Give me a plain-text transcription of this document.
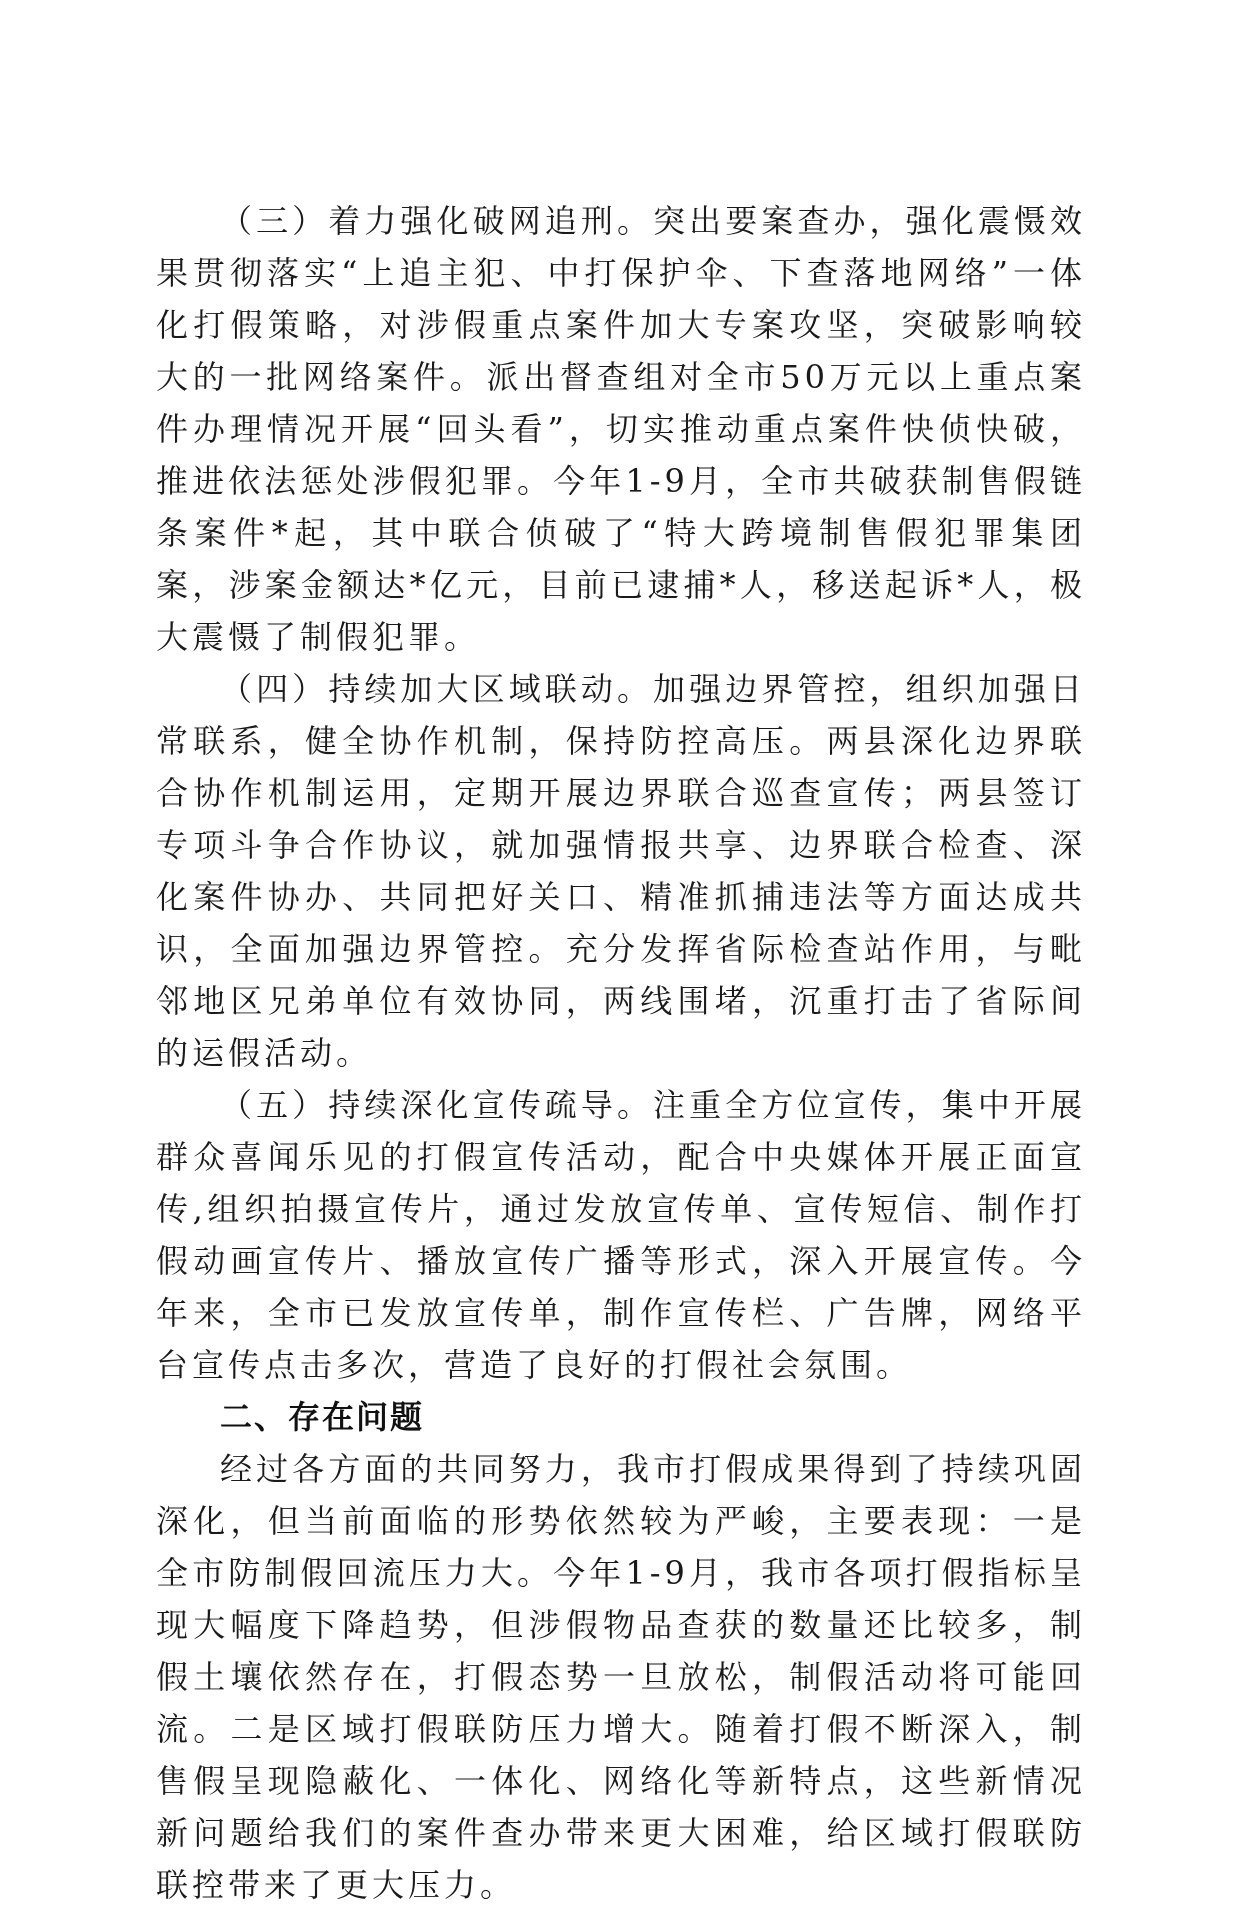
（三）着力强化破网追刑。突出要案查办，强化震慑效果贯彻落实“上追主犯、中打保护伞、下查落地网络”一体化打假策略，对涉假重点案件加大专案攻坚，突破影响较大的一批网络案件。派出督查组对全市50万元以上重点案件办理情况开展“回头看”，切实推动重点案件快侦快破，推进依法惩处涉假犯罪。今年1-9月，全市共破获制售假链条案件*起，其中联合侦破了“特大跨境制售假犯罪集团案，涉案金额达*亿元，目前已逮捕*人，移送起诉*人，极大震慑了制假犯罪。

（四）持续加大区域联动。加强边界管控，组织加强日常联系，健全协作机制，保持防控高压。两县深化边界联合协作机制运用，定期开展边界联合巡查宣传；两县签订专项斗争合作协议，就加强情报共享、边界联合检查、深化案件协办、共同把好关口、精准抓捕违法等方面达成共识，全面加强边界管控。充分发挥省际检查站作用，与毗邻地区兄弟单位有效协同，两线围堵，沉重打击了省际间的运假活动。

（五）持续深化宣传疏导。注重全方位宣传，集中开展群众喜闻乐见的打假宣传活动，配合中央媒体开展正面宣传,组织拍摄宣传片，通过发放宣传单、宣传短信、制作打假动画宣传片、播放宣传广播等形式，深入开展宣传。今年来，全市已发放宣传单，制作宣传栏、广告牌，网络平台宣传点击多次，营造了良好的打假社会氛围。

二、存在问题

经过各方面的共同努力，我市打假成果得到了持续巩固深化，但当前面临的形势依然较为严峻，主要表现：一是全市防制假回流压力大。今年1-9月，我市各项打假指标呈现大幅度下降趋势，但涉假物品查获的数量还比较多，制假土壤依然存在，打假态势一旦放松，制假活动将可能回流。二是区域打假联防压力增大。随着打假不断深入，制售假呈现隐蔽化、一体化、网络化等新特点，这些新情况新问题给我们的案件查办带来更大困难，给区域打假联防联控带来了更大压力。
